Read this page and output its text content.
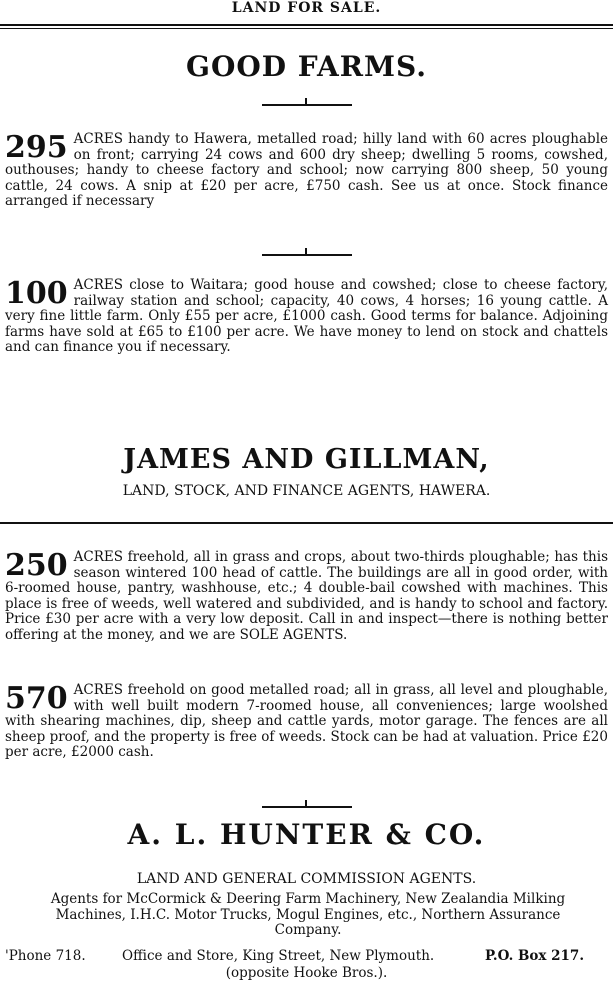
LAND FOR SALE.
GOOD FARMS.
295 ACRES handy to Hawera, metalled road; hilly land with 60 acres ploughable on front; carrying 24 cows and 600 dry sheep; dwelling 5 rooms, cowshed, outhouses; handy to cheese factory and school; now carrying 800 sheep, 50 young cattle, 24 cows. A snip at £20 per acre, £750 cash. See us at once. Stock finance arranged if necessary
100 ACRES close to Waitara; good house and cowshed; close to cheese factory, railway station and school; capacity, 40 cows, 4 horses; 16 young cattle. A very fine little farm. Only £55 per acre, £1000 cash. Good terms for balance. Adjoining farms have sold at £65 to £100 per acre. We have money to lend on stock and chattels and can finance you if necessary.
JAMES AND GILLMAN,
LAND, STOCK, AND FINANCE AGENTS, HAWERA.
250 ACRES freehold, all in grass and crops, about two-thirds ploughable; has this season wintered 100 head of cattle. The buildings are all in good order, with 6-roomed house, pantry, washhouse, etc.; 4 double-bail cowshed with machines. This place is free of weeds, well watered and subdivided, and is handy to school and factory. Price £30 per acre with a very low deposit. Call in and inspect—there is nothing better offering at the money, and we are SOLE AGENTS.
570 ACRES freehold on good metalled road; all in grass, all level and ploughable, with well built modern 7-roomed house, all conveniences; large woolshed with shearing machines, dip, sheep and cattle yards, motor garage. The fences are all sheep proof, and the property is free of weeds. Stock can be had at valuation. Price £20 per acre, £2000 cash.
A. L. HUNTER & CO.
LAND AND GENERAL COMMISSION AGENTS.
Agents for McCormick & Deering Farm Machinery, New Zealandia Milking Machines, I.H.C. Motor Trucks, Mogul Engines, etc., Northern Assurance Company.
'Phone 718.	Office and Store, King Street, New Plymouth.	P.O. Box 217.
(opposite Hooke Bros.).
